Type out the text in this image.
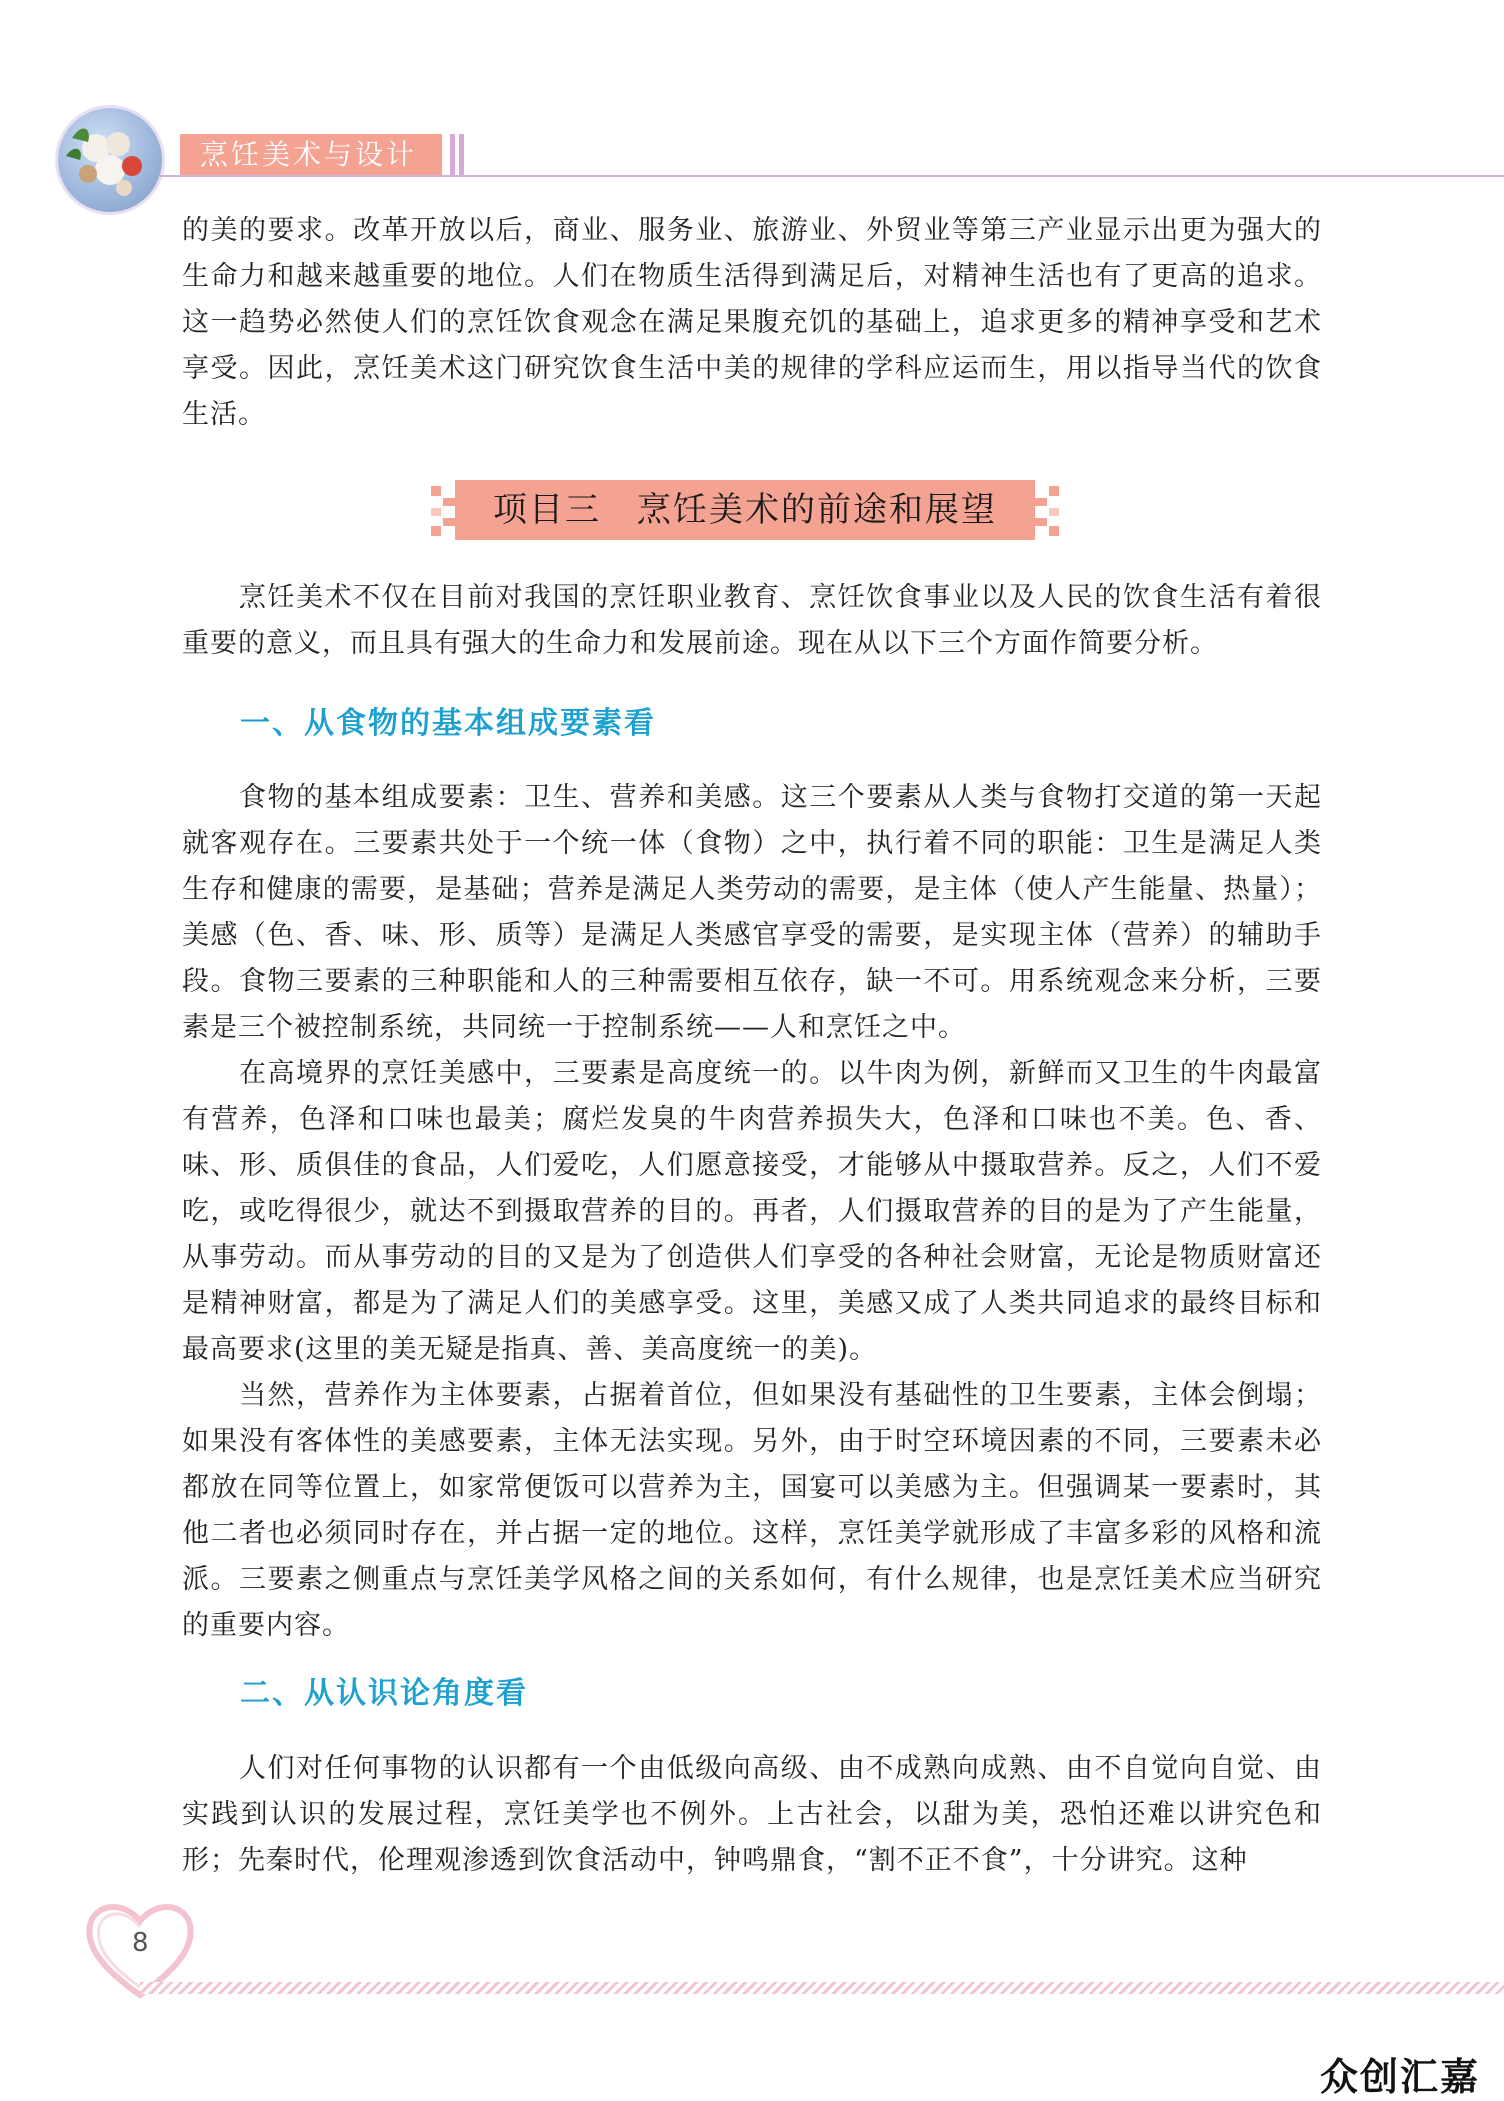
烹饪美术与设计

的美的要求。改革开放以后，商业、服务业、旅游业、外贸业等第三产业显示出更为强大的生命力和越来越重要的地位。人们在物质生活得到满足后，对精神生活也有了更高的追求。这一趋势必然使人们的烹饪饮食观念在满足果腹充饥的基础上，追求更多的精神享受和艺术享受。因此，烹饪美术这门研究饮食生活中美的规律的学科应运而生，用以指导当代的饮食生活。

项目三　烹饪美术的前途和展望

烹饪美术不仅在目前对我国的烹饪职业教育、烹饪饮食事业以及人民的饮食生活有着很重要的意义，而且具有强大的生命力和发展前途。现在从以下三个方面作简要分析。

一、从食物的基本组成要素看

食物的基本组成要素：卫生、营养和美感。这三个要素从人类与食物打交道的第一天起就客观存在。三要素共处于一个统一体（食物）之中，执行着不同的职能：卫生是满足人类生存和健康的需要，是基础；营养是满足人类劳动的需要，是主体（使人产生能量、热量）；美感（色、香、味、形、质等）是满足人类感官享受的需要，是实现主体（营养）的辅助手段。食物三要素的三种职能和人的三种需要相互依存，缺一不可。用系统观念来分析，三要素是三个被控制系统，共同统一于控制系统——人和烹饪之中。

在高境界的烹饪美感中，三要素是高度统一的。以牛肉为例，新鲜而又卫生的牛肉最富有营养，色泽和口味也最美；腐烂发臭的牛肉营养损失大，色泽和口味也不美。色、香、味、形、质俱佳的食品，人们爱吃，人们愿意接受，才能够从中摄取营养。反之，人们不爱吃，或吃得很少，就达不到摄取营养的目的。再者，人们摄取营养的目的是为了产生能量，从事劳动。而从事劳动的目的又是为了创造供人们享受的各种社会财富，无论是物质财富还是精神财富，都是为了满足人们的美感享受。这里，美感又成了人类共同追求的最终目标和最高要求(这里的美无疑是指真、善、美高度统一的美)。

当然，营养作为主体要素，占据着首位，但如果没有基础性的卫生要素，主体会倒塌；如果没有客体性的美感要素，主体无法实现。另外，由于时空环境因素的不同，三要素未必都放在同等位置上，如家常便饭可以营养为主，国宴可以美感为主。但强调某一要素时，其他二者也必须同时存在，并占据一定的地位。这样，烹饪美学就形成了丰富多彩的风格和流派。三要素之侧重点与烹饪美学风格之间的关系如何，有什么规律，也是烹饪美术应当研究的重要内容。

二、从认识论角度看

人们对任何事物的认识都有一个由低级向高级、由不成熟向成熟、由不自觉向自觉、由实践到认识的发展过程，烹饪美学也不例外。上古社会，以甜为美，恐怕还难以讲究色和形；先秦时代，伦理观渗透到饮食活动中，钟鸣鼎食，“割不正不食”，十分讲究。这种

8
众创汇嘉
